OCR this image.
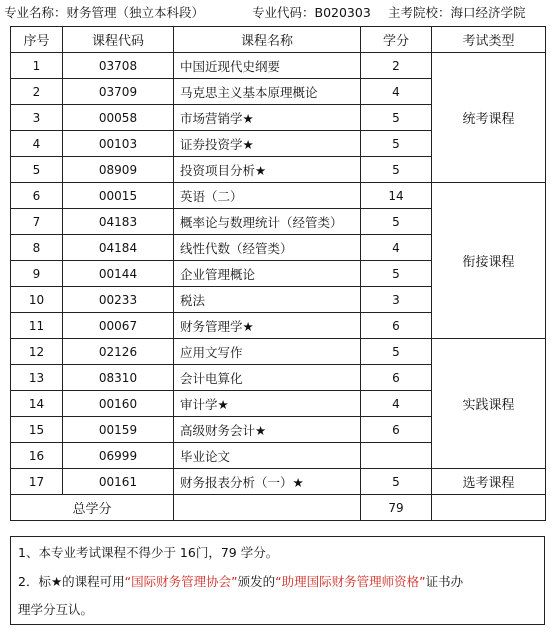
专业名称：财务管理（独立本科段）	专业代码：B020303 主考院校：海口经济学院
序号	课程代码	课程名称	学分	考试类型
1	03708	中国近现代史纲要	2	统考课程
2	03709	马克思主义基本原理概论	4	
3	00058	市场营销学★	5	
4	00103	证券投资学★	5	
5	08909	投资项目分析★	5	
6	00015	英语（二）	14	衔接课程
7	04183	概率论与数理统计（经管类）	5	
8	04184	线性代数（经管类）	4	
9	00144	企业管理概论	5	
10	00233	税法	3	
11	00067	财务管理学★	6	
12	02126	应用文写作	5	实践课程
13	08310	会计电算化	6	
14	00160	审计学★	4	
15	00159	高级财务会计★	6	
16	06999	毕业论文		
17	00161	财务报表分析（一）★	5	选考课程
总学分			79	
1、本专业考试课程不得少于 16门，79 学分。
2．标★的课程可用“国际财务管理协会”颁发的“助理国际财务管理师资格”证书办
理学分互认。
